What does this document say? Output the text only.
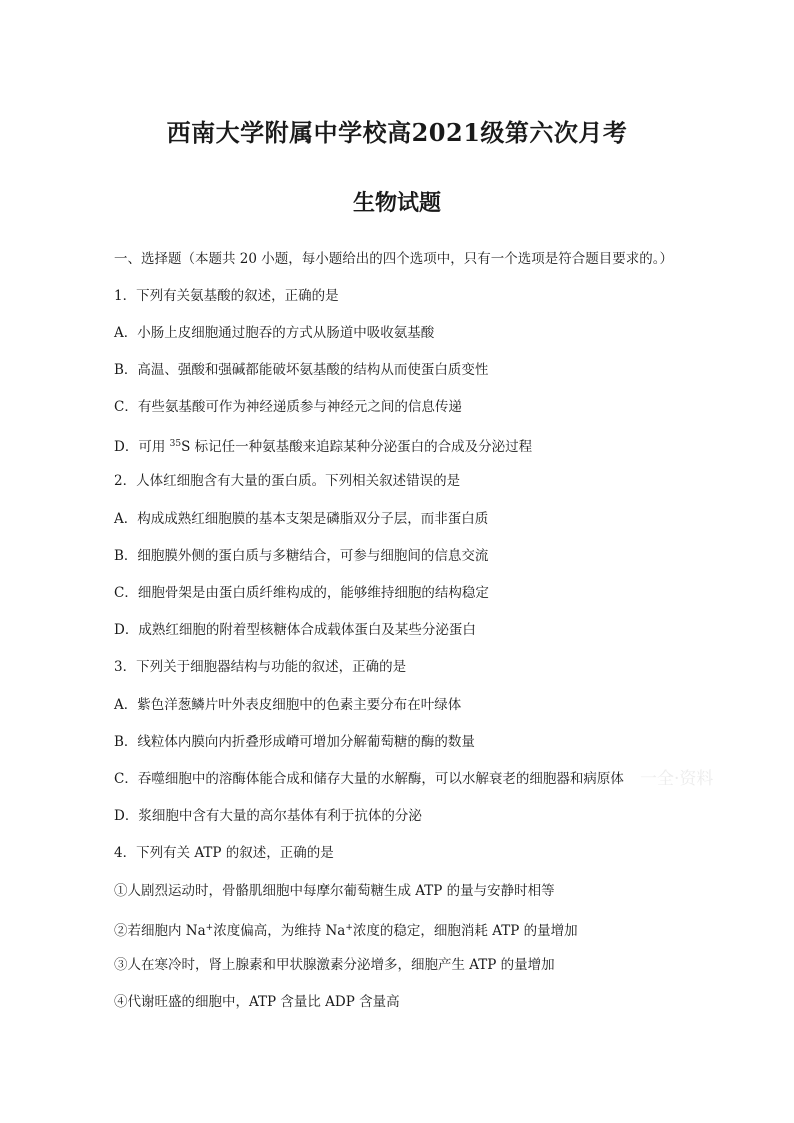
西南大学附属中学校高2021级第六次月考
生物试题

一、选择题（本题共 20 小题，每小题给出的四个选项中，只有一个选项是符合题目要求的。）

1．下列有关氨基酸的叙述，正确的是

A．小肠上皮细胞通过胞吞的方式从肠道中吸收氨基酸

B．高温、强酸和强碱都能破坏氨基酸的结构从而使蛋白质变性

C．有些氨基酸可作为神经递质参与神经元之间的信息传递

D．可用 $^{35}$S 标记任一种氨基酸来追踪某种分泌蛋白的合成及分泌过程

2．人体红细胞含有大量的蛋白质。下列相关叙述错误的是

A．构成成熟红细胞膜的基本支架是磷脂双分子层，而非蛋白质

B．细胞膜外侧的蛋白质与多糖结合，可参与细胞间的信息交流

C．细胞骨架是由蛋白质纤维构成的，能够维持细胞的结构稳定

D．成熟红细胞的附着型核糖体合成载体蛋白及某些分泌蛋白

3．下列关于细胞器结构与功能的叙述，正确的是

A．紫色洋葱鳞片叶外表皮细胞中的色素主要分布在叶绿体

B．线粒体内膜向内折叠形成嵴可增加分解葡萄糖的酶的数量

C．吞噬细胞中的溶酶体能合成和储存大量的水解酶，可以水解衰老的细胞器和病原体

D．浆细胞中含有大量的高尔基体有利于抗体的分泌

4．下列有关 ATP 的叙述，正确的是

①人剧烈运动时，骨骼肌细胞中每摩尔葡萄糖生成 ATP 的量与安静时相等

②若细胞内 Na+浓度偏高，为维持 Na+浓度的稳定，细胞消耗 ATP 的量增加

③人在寒冷时，肾上腺素和甲状腺激素分泌增多，细胞产生 ATP 的量增加

④代谢旺盛的细胞中，ATP 含量比 ADP 含量高

一全·资料
